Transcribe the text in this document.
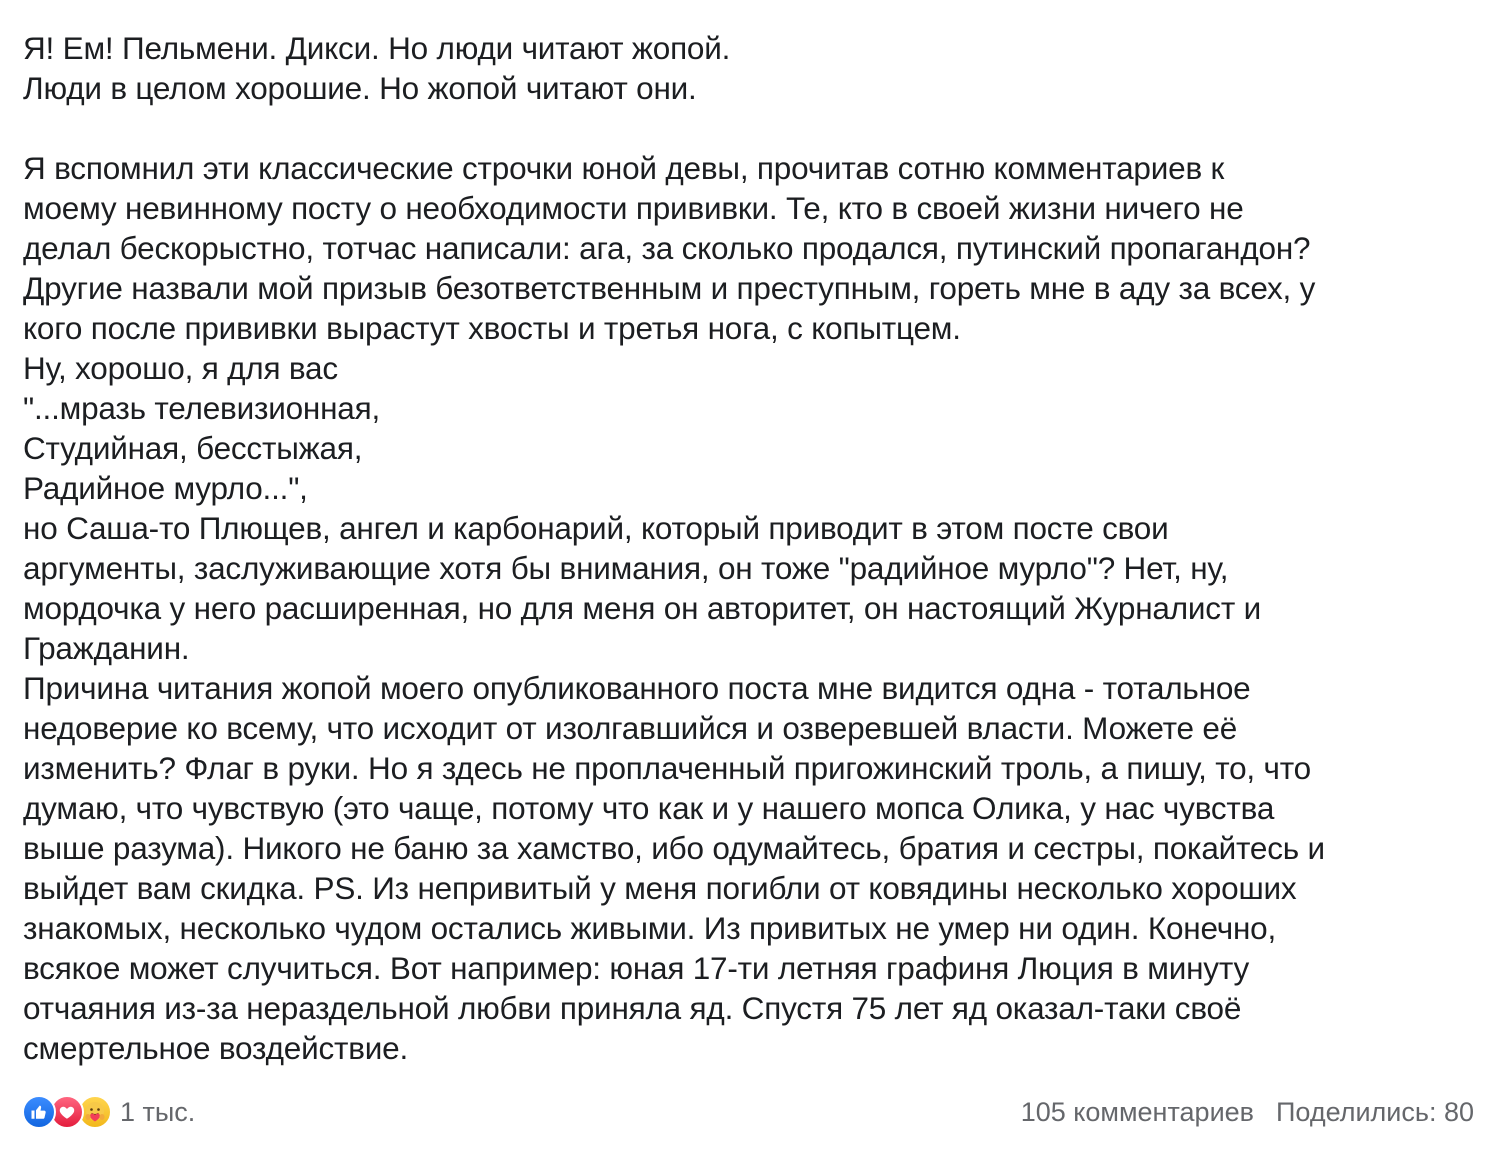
Я! Ем! Пельмени. Дикси. Но люди читают жопой.
Люди в целом хорошие. Но жопой читают они.
Я вспомнил эти классические строчки юной девы, прочитав сотню комментариев к
моему невинному посту о необходимости прививки. Те, кто в своей жизни ничего не
делал бескорыстно, тотчас написали: ага, за сколько продался, путинский пропагандон?
Другие назвали мой призыв безответственным и преступным, гореть мне в аду за всех, у
кого после прививки вырастут хвосты и третья нога, с копытцем.
Ну, хорошо, я для вас
"...мразь телевизионная,
Студийная, бесстыжая,
Радийное мурло...",
но Саша-то Плющев, ангел и карбонарий, который приводит в этом посте свои
аргументы, заслуживающие хотя бы внимания, он тоже "радийное мурло"? Нет, ну,
мордочка у него расширенная, но для меня он авторитет, он настоящий Журналист и
Гражданин.
Причина читания жопой моего опубликованного поста мне видится одна - тотальное
недоверие ко всему, что исходит от изолгавшийся и озверевшей власти. Можете её
изменить? Флаг в руки. Но я здесь не проплаченный пригожинский троль, а пишу, то, что
думаю, что чувствую (это чаще, потому что как и у нашего мопса Олика, у нас чувства
выше разума). Никого не баню за хамство, ибо одумайтесь, братия и сестры, покайтесь и
выйдет вам скидка. PS. Из непривитый у меня погибли от ковядины несколько хороших
знакомых, несколько чудом остались живыми. Из привитых не умер ни один. Конечно,
всякое может случиться. Вот например: юная 17-ти летняя графиня Люция в минуту
отчаяния из-за нераздельной любви приняла яд. Спустя 75 лет яд оказал-таки своё
смертельное воздействие.
1 тыс.	105 комментариев Поделились: 80
